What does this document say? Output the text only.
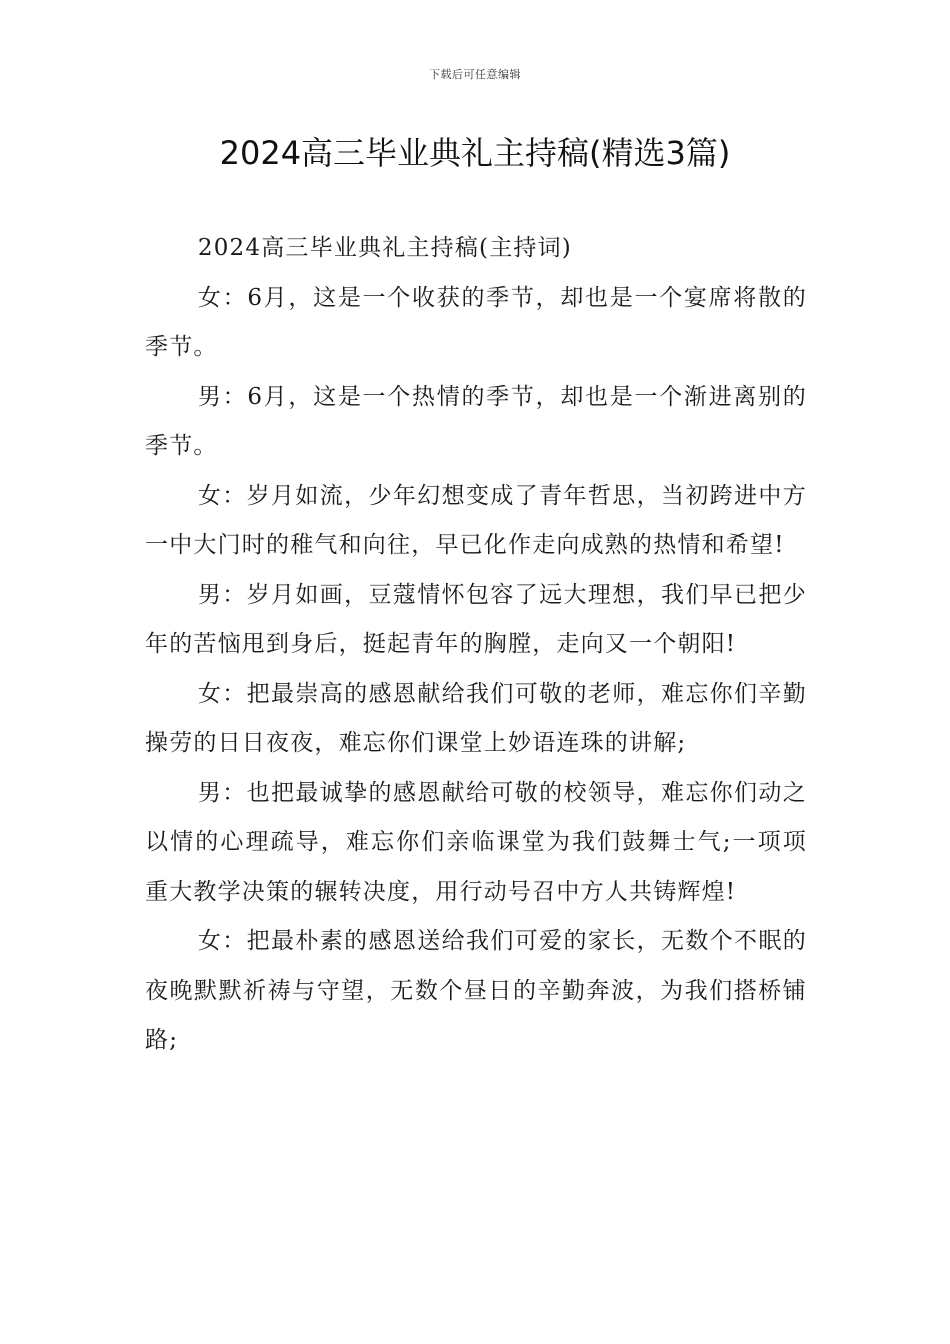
下载后可任意编辑
2024高三毕业典礼主持稿(精选3篇)

2024高三毕业典礼主持稿(主持词)

女：6月，这是一个收获的季节，却也是一个宴席将散的季节。

男：6月，这是一个热情的季节，却也是一个渐进离别的季节。

女：岁月如流，少年幻想变成了青年哲思，当初跨进中方一中大门时的稚气和向往，早已化作走向成熟的热情和希望!

男：岁月如画，豆蔻情怀包容了远大理想，我们早已把少年的苦恼甩到身后，挺起青年的胸膛，走向又一个朝阳!

女：把最崇高的感恩献给我们可敬的老师，难忘你们辛勤操劳的日日夜夜，难忘你们课堂上妙语连珠的讲解;

男：也把最诚挚的感恩献给可敬的校领导，难忘你们动之以情的心理疏导，难忘你们亲临课堂为我们鼓舞士气;一项项重大教学决策的辗转决度，用行动号召中方人共铸辉煌!

女：把最朴素的感恩送给我们可爱的家长，无数个不眠的夜晚默默祈祷与守望，无数个昼日的辛勤奔波，为我们搭桥铺路;
